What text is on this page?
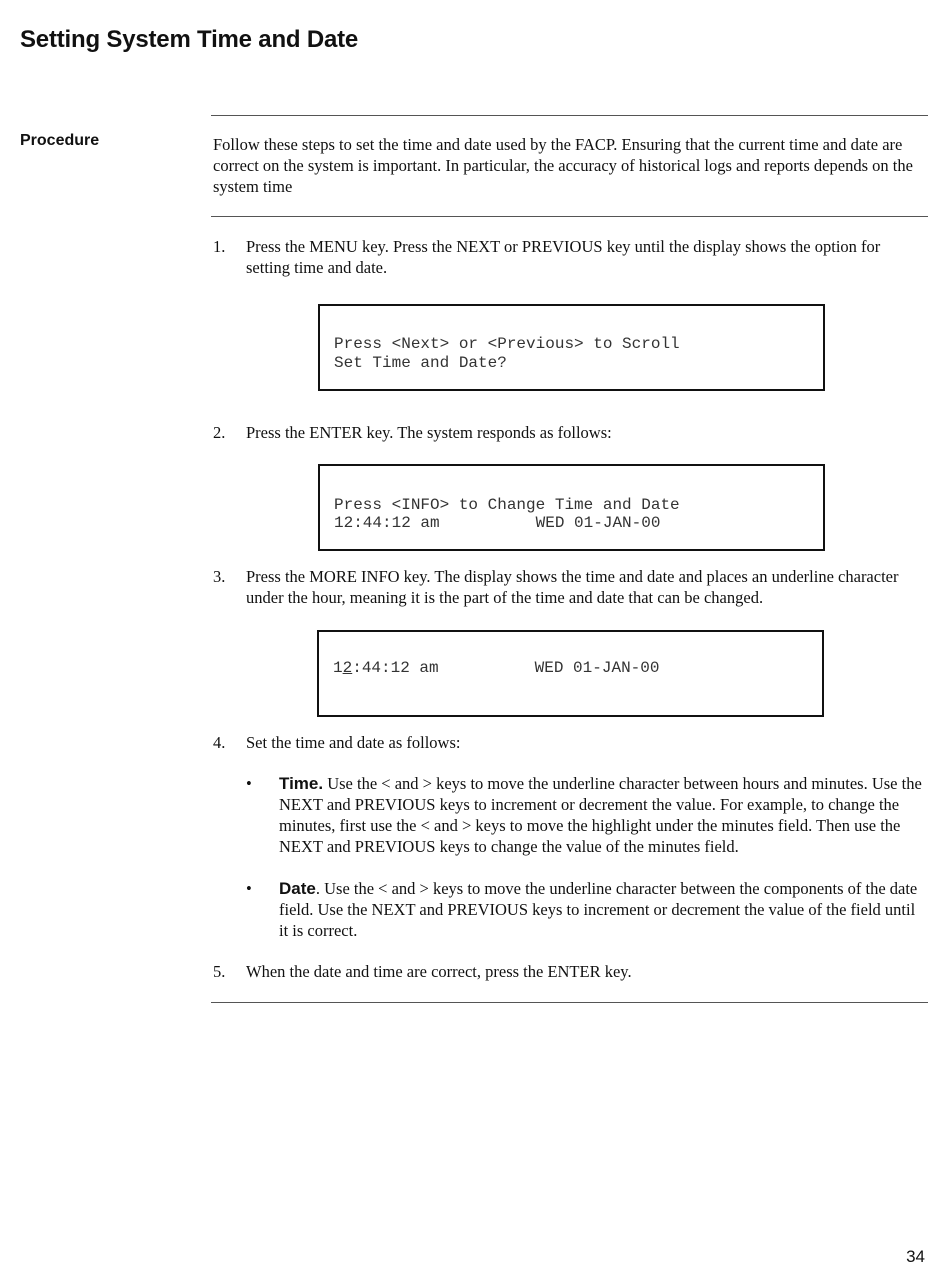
Setting System Time and Date
Procedure	Follow these steps to set the time and date used by the FACP. Ensuring that the current time and date are correct on the system is important. In particular, the accuracy of historical logs and reports depends on the system time

1. Press the MENU key. Press the NEXT or PREVIOUS key until the display shows the option for setting time and date.

Press <Next> or <Previous> to Scroll

Set Time and Date?

2. Press the ENTER key. The system responds as follows:

Press <INFO> to Change Time and Date

12:44:12 am          WED 01-JAN-00

3. Press the MORE INFO key. The display shows the time and date and places an underline character under the hour, meaning it is the part of the time and date that can be changed.

12:44:12 am          WED 01-JAN-00

4. Set the time and date as follows:
• Time. Use the < and > keys to move the underline character between hours and minutes. Use the NEXT and PREVIOUS keys to increment or decrement the value. For example, to change the minutes, first use the < and > keys to move the highlight under the minutes field. Then use the NEXT and PREVIOUS keys to change the value of the minutes field.
• Date. Use the < and > keys to move the underline character between the components of the date field. Use the NEXT and PREVIOUS keys to increment or decrement the value of the field until it is correct.
5. When the date and time are correct, press the ENTER key.
34
